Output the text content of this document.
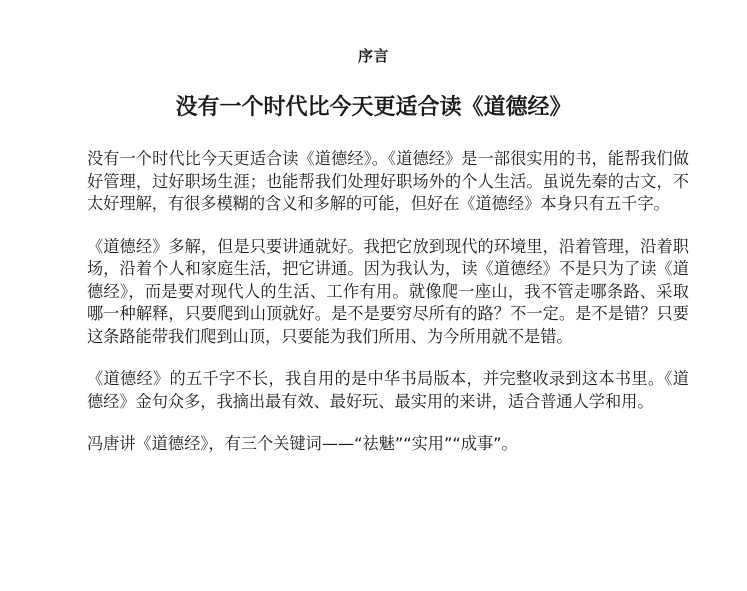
序言
没有一个时代比今天更适合读《道德经》

没有一个时代比今天更适合读《道德经》。《道德经》是一部很实用的书，能帮我们做好管理，过好职场生涯；也能帮我们处理好职场外的个人生活。虽说先秦的古文，不太好理解，有很多模糊的含义和多解的可能，但好在《道德经》本身只有五千字。

《道德经》多解，但是只要讲通就好。我把它放到现代的环境里，沿着管理，沿着职场，沿着个人和家庭生活，把它讲通。因为我认为，读《道德经》不是只为了读《道德经》，而是要对现代人的生活、工作有用。就像爬一座山，我不管走哪条路、采取哪一种解释，只要爬到山顶就好。是不是要穷尽所有的路？不一定。是不是错？只要这条路能带我们爬到山顶，只要能为我们所用、为今所用就不是错。

《道德经》的五千字不长，我自用的是中华书局版本，并完整收录到这本书里。《道德经》金句众多，我摘出最有效、最好玩、最实用的来讲，适合普通人学和用。

冯唐讲《道德经》，有三个关键词——“祛魅”“实用”“成事”。
